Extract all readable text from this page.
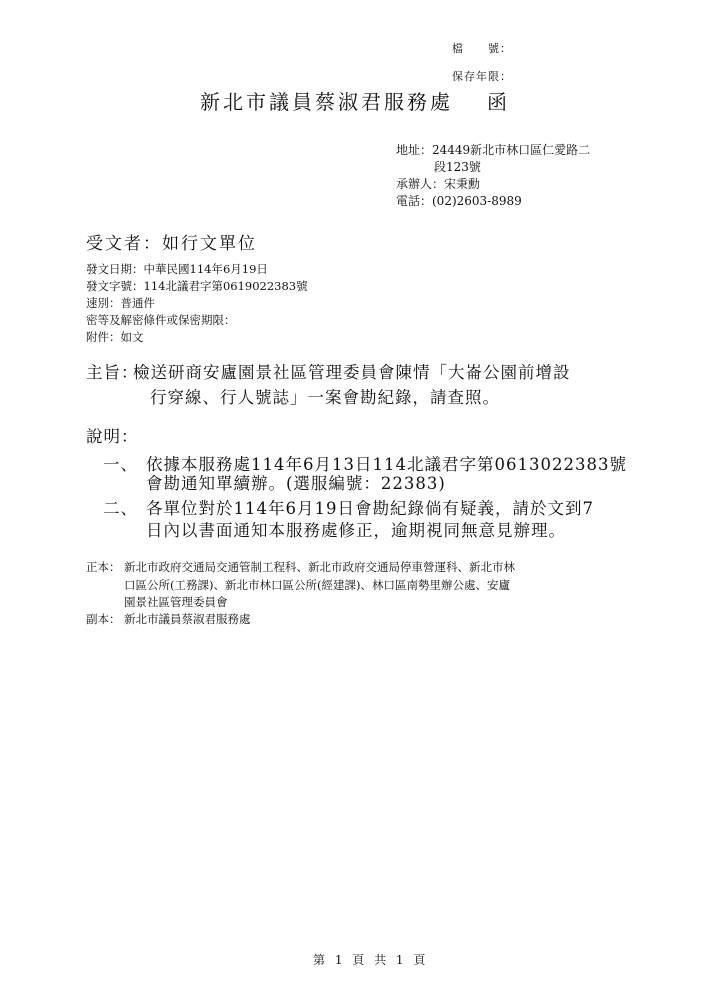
檔　　號：
保存年限：
新北市議員蔡淑君服務處 函
地址：24449新北市林口區仁愛路二
段123號
承辦人：宋秉勳
電話：(02)2603-8989
受文者：如行文單位
發文日期：中華民國114年6月19日
發文字號：114北議君字第0619022383號
速別：普通件
密等及解密條件或保密期限：
附件：如文
主旨：
檢送研商安廬園景社區管理委員會陳情「大崙公園前增設
行穿線、行人號誌」一案會勘紀錄，請查照。
說明：
一、 依據本服務處114年6月13日114北議君字第0613022383號
會勘通知單續辦。(選服編號：22383)
二、 各單位對於114年6月19日會勘紀錄倘有疑義，請於文到7
日內以書面通知本服務處修正，逾期視同無意見辦理。
正本： 新北市政府交通局交通管制工程科、新北市政府交通局停車營運科、新北市林
口區公所(工務課)、新北市林口區公所(經建課)、林口區南勢里辦公處、安廬
園景社區管理委員會
副本： 新北市議員蔡淑君服務處
第 1 頁 共 1 頁
